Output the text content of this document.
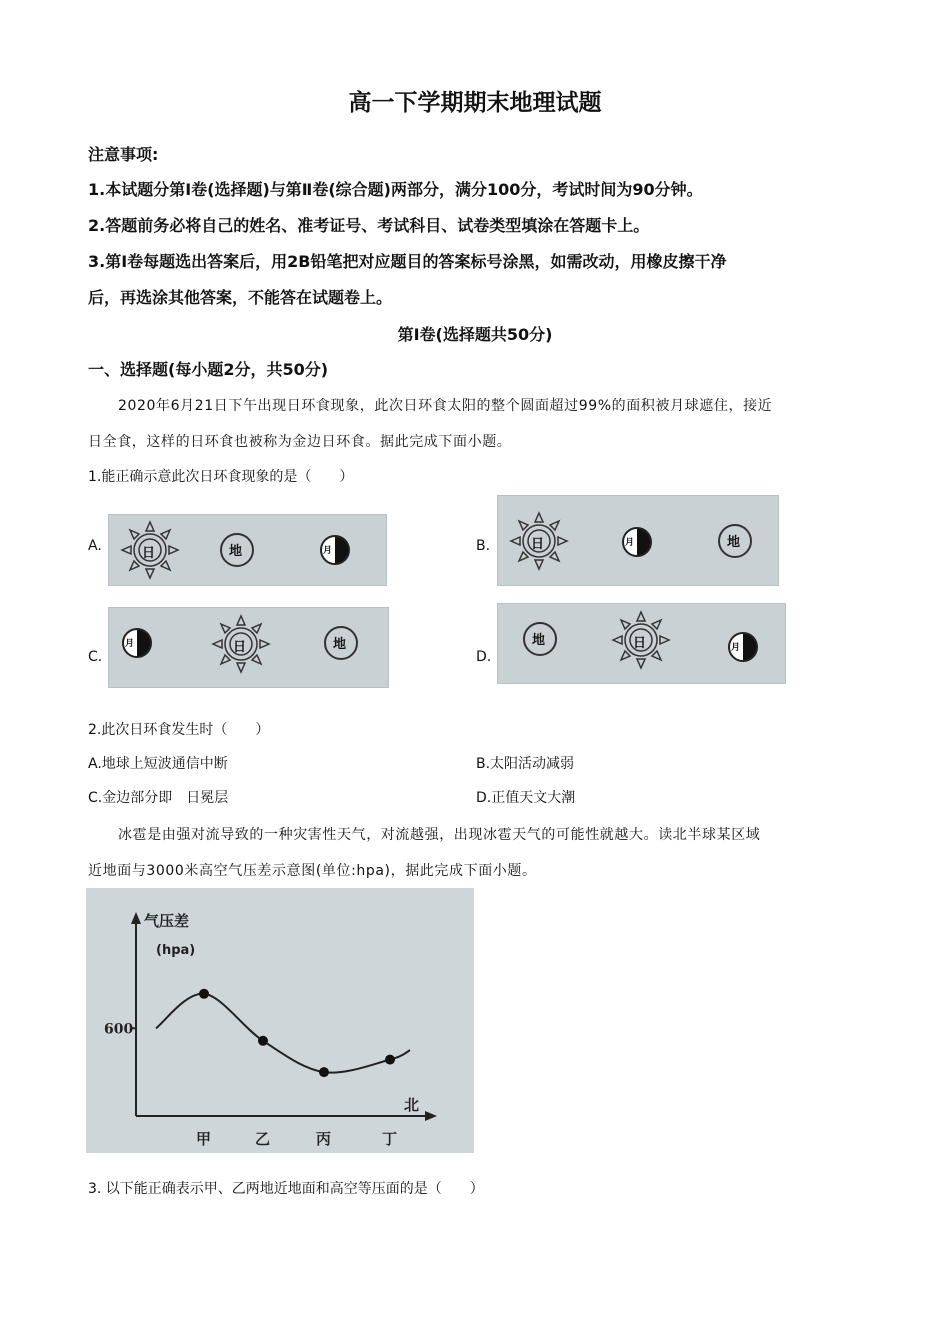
高一下学期期末地理试题
注意事项:
1.本试题分第Ⅰ卷(选择题)与第Ⅱ卷(综合题)两部分，满分100分，考试时间为90分钟。
2.答题前务必将自己的姓名、准考证号、考试科目、试卷类型填涂在答题卡上。
3.第Ⅰ卷每题选出答案后，用2B铅笔把对应题目的答案标号涂黑，如需改动，用橡皮擦干净
后，再选涂其他答案，不能答在试题卷上。
第Ⅰ卷(选择题共50分)
一、选择题(每小题2分，共50分)
2020年6月21日下午出现日环食现象，此次日环食太阳的整个圆面超过99%的面积被月球遮住，接近
日全食，这样的日环食也被称为金边日环食。据此完成下面小题。
1.能正确示意此次日环食现象的是（　　）
A.	日	地	月	B.	日	月	地
C.
月	日	地
D.
地	日	月
2.此次日环食发生时（　　）
A.地球上短波通信中断	B.太阳活动减弱
C.金边部分即　日冕层	D.正值天文大潮
冰雹是由强对流导致的一种灾害性天气，对流越强，出现冰雹天气的可能性就越大。读北半球某区域
近地面与3000米高空气压差示意图(单位:hpa)，据此完成下面小题。
气压差
(hpa)
600
北
甲	乙	丙	丁
3. 以下能正确表示甲、乙两地近地面和高空等压面的是（　　）
